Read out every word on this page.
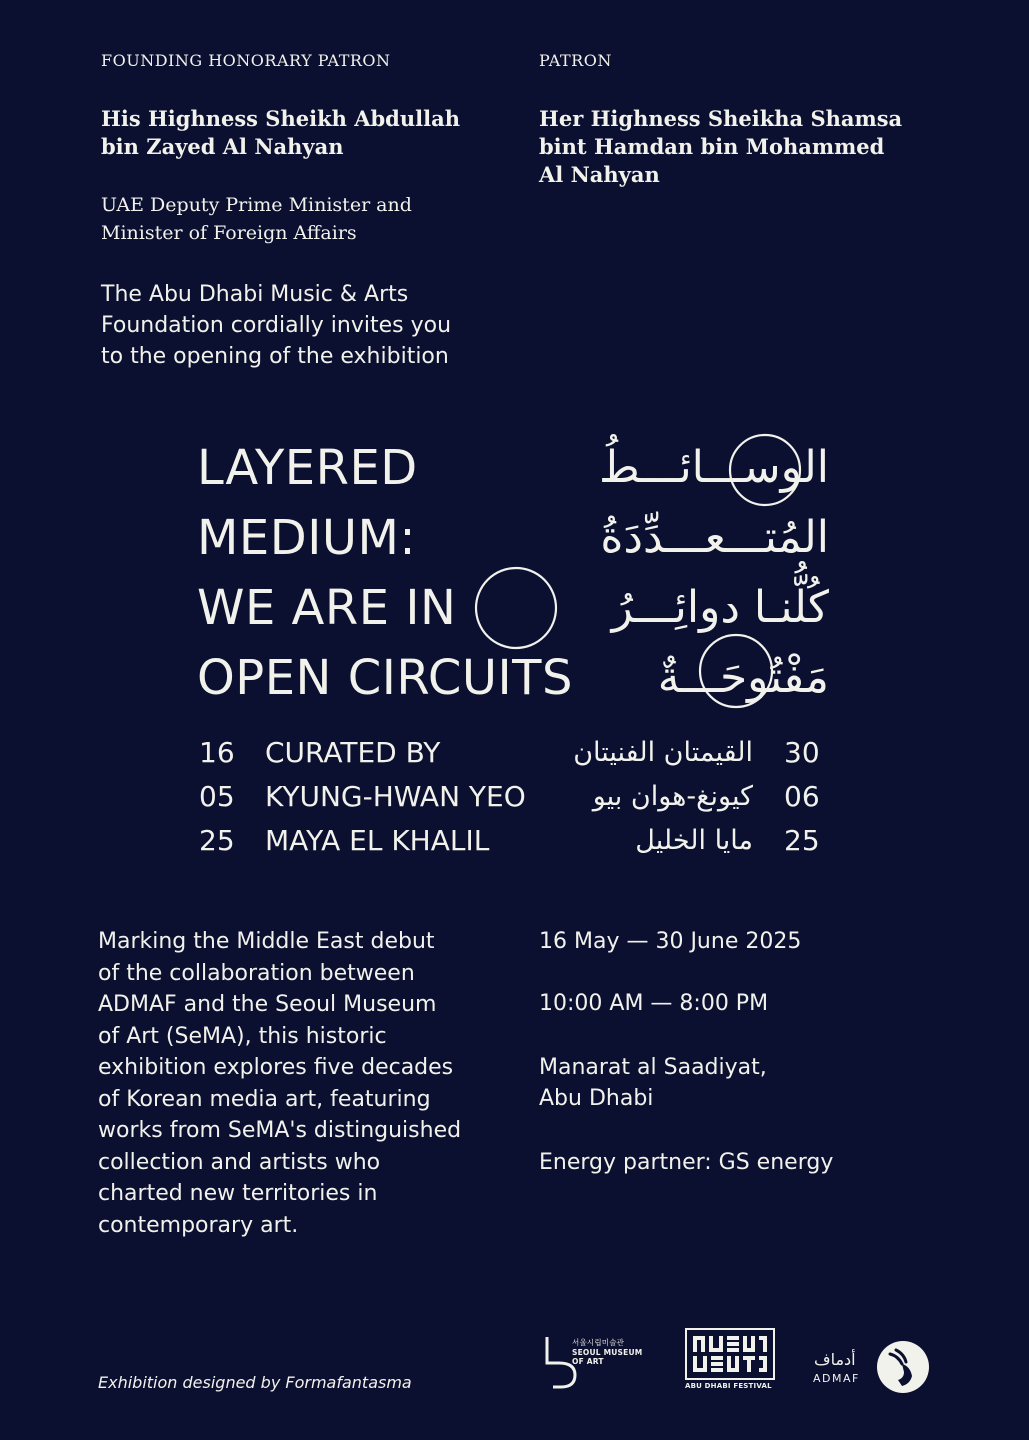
FOUNDING HONORARY PATRON	PATRON
His Highness Sheikh Abdullah
bin Zayed Al Nahyan
UAE Deputy Prime Minister and
Minister of Foreign Affairs
Her Highness Sheikha Shamsa
bint Hamdan bin Mohammed
Al Nahyan
The Abu Dhabi Music & Arts
Foundation cordially invites you
to the opening of the exhibition
LAYERED
MEDIUM:
WE ARE IN
OPEN CIRCUITS
الوســـائـــطُ
المُتـــعـــدِّدَةُ
كُلُّنـا دوائِـــرُ
مَفْتُوحَـــةٌ
16
05
25
CURATED BY
KYUNG-HWAN YEO
MAYA EL KHALIL
القيمتان الفنيتان
كيونغ-هوان بيو
مايا الخليل
30
06
25
Marking the Middle East debut
of the collaboration between
ADMAF and the Seoul Museum
of Art (SeMA), this historic
exhibition explores five decades
of Korean media art, featuring
works from SeMA's distinguished
collection and artists who
charted new territories in
contemporary art.
16 May — 30 June 2025
10:00 AM — 8:00 PM
Manarat al Saadiyat,
Abu Dhabi
Energy partner: GS energy
Exhibition designed by Formafantasma
서울시립미술관
SEOUL MUSEUM
OF ART
ABU DHABI FESTIVAL
أدماف
ADMAF
